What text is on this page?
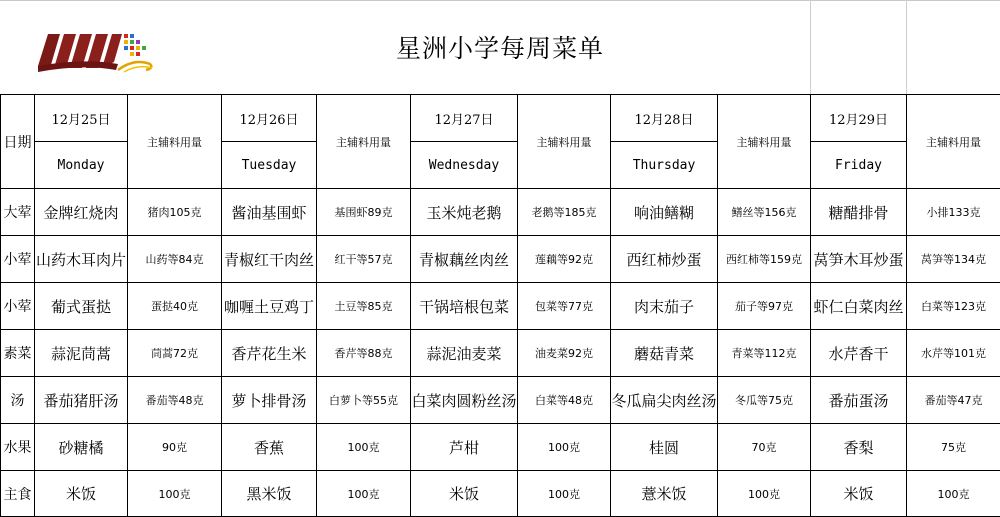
星洲小学每周菜单
日期	12月25日	主辅料用量	12月26日	主辅料用量	12月27日	主辅料用量	12月28日	主辅料用量	12月29日	主辅料用量
	Monday		Tuesday		Wednesday		Thursday		Friday	
大荤	金牌红烧肉	猪肉105克	酱油基围虾	基围虾89克	玉米炖老鹅	老鹅等185克	响油鳝糊	鳝丝等156克	糖醋排骨	小排133克
小荤	山药木耳肉片	山药等84克	青椒红干肉丝	红干等57克	青椒藕丝肉丝	莲藕等92克	西红柿炒蛋	西红柿等159克	莴笋木耳炒蛋	莴笋等134克
小荤	葡式蛋挞	蛋挞40克	咖喱土豆鸡丁	土豆等85克	干锅培根包菜	包菜等77克	肉末茄子	茄子等97克	虾仁白菜肉丝	白菜等123克
素菜	蒜泥茼蒿	茼蒿72克	香芹花生米	香芹等88克	蒜泥油麦菜	油麦菜92克	蘑菇青菜	青菜等112克	水芹香干	水芹等101克
汤	番茄猪肝汤	番茄等48克	萝卜排骨汤	白萝卜等55克	白菜肉圆粉丝汤	白菜等48克	冬瓜扁尖肉丝汤	冬瓜等75克	番茄蛋汤	番茄等47克
水果	砂糖橘	90克	香蕉	100克	芦柑	100克	桂圆	70克	香梨	75克
主食	米饭	100克	黑米饭	100克	米饭	100克	薏米饭	100克	米饭	100克
